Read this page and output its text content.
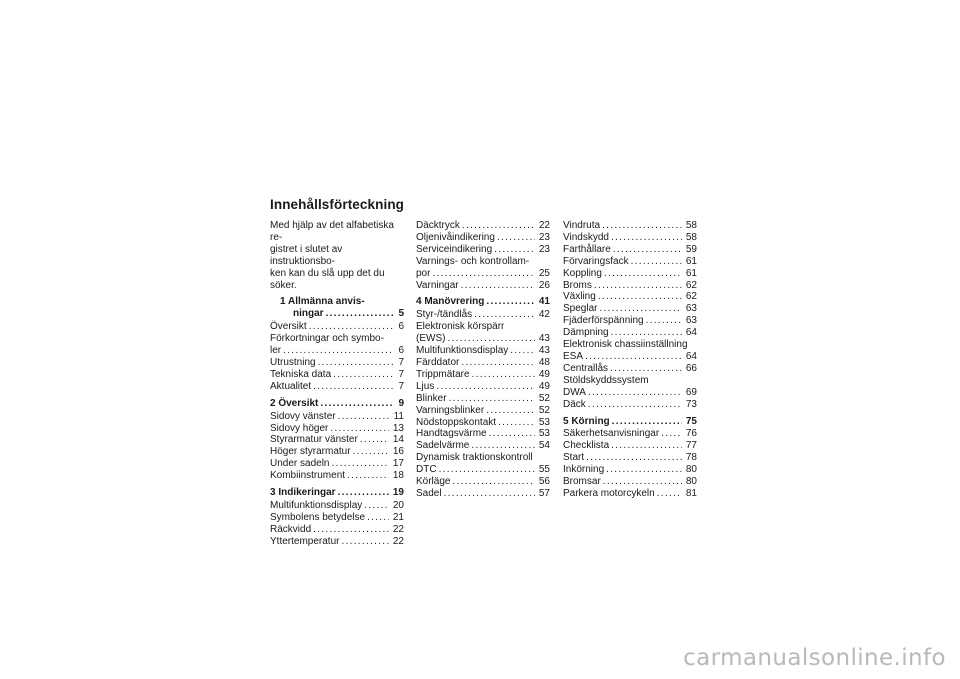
Innehållsförteckning
Med hjälp av det alfabetiska re-
gistret i slutet av instruktionsbo-
ken kan du slå upp det du söker.
1 Allmänna anvis-
ningar .....	5
Översikt .....	6
Förkortningar och symbo-
ler .....	6
Utrustning .....	7
Tekniska data .....	7
Aktualitet .....	7
2 Översikt .....	9
Sidovy vänster .....	11
Sidovy höger .....	13
Styrarmatur vänster .....	14
Höger styrarmatur .....	16
Under sadeln .....	17
Kombiinstrument .....	18
3 Indikeringar .....	19
Multifunktionsdisplay .....	20
Symbolens betydelse .....	21
Räckvidd .....	22
Yttertemperatur .....	22
Däcktryck .....	22
Oljenivåindikering .....	23
Serviceindikering .....	23
Varnings- och kontrollam-
por .....	25
Varningar .....	26
4 Manövrering .....	41
Styr-/tändlås .....	42
Elektronisk körspärr
(EWS) .....	43
Multifunktionsdisplay .....	43
Färddator .....	48
Trippmätare .....	49
Ljus .....	49
Blinker .....	52
Varningsblinker .....	52
Nödstoppskontakt .....	53
Handtagsvärme .....	53
Sadelvärme .....	54
Dynamisk traktionskontroll
DTC .....	55
Körläge .....	56
Sadel .....	57
Vindruta .....	58
Vindskydd .....	58
Farthållare .....	59
Förvaringsfack .....	61
Koppling .....	61
Broms .....	62
Växling .....	62
Speglar .....	63
Fjäderförspänning .....	63
Dämpning .....	64
Elektronisk chassiinställning
ESA .....	64
Centrallås .....	66
Stöldskyddssystem
DWA .....	69
Däck .....	73
5 Körning .....	75
Säkerhetsanvisningar .....	76
Checklista .....	77
Start .....	78
Inkörning .....	80
Bromsar .....	80
Parkera motorcykeln .....	81
carmanualsonline.info
